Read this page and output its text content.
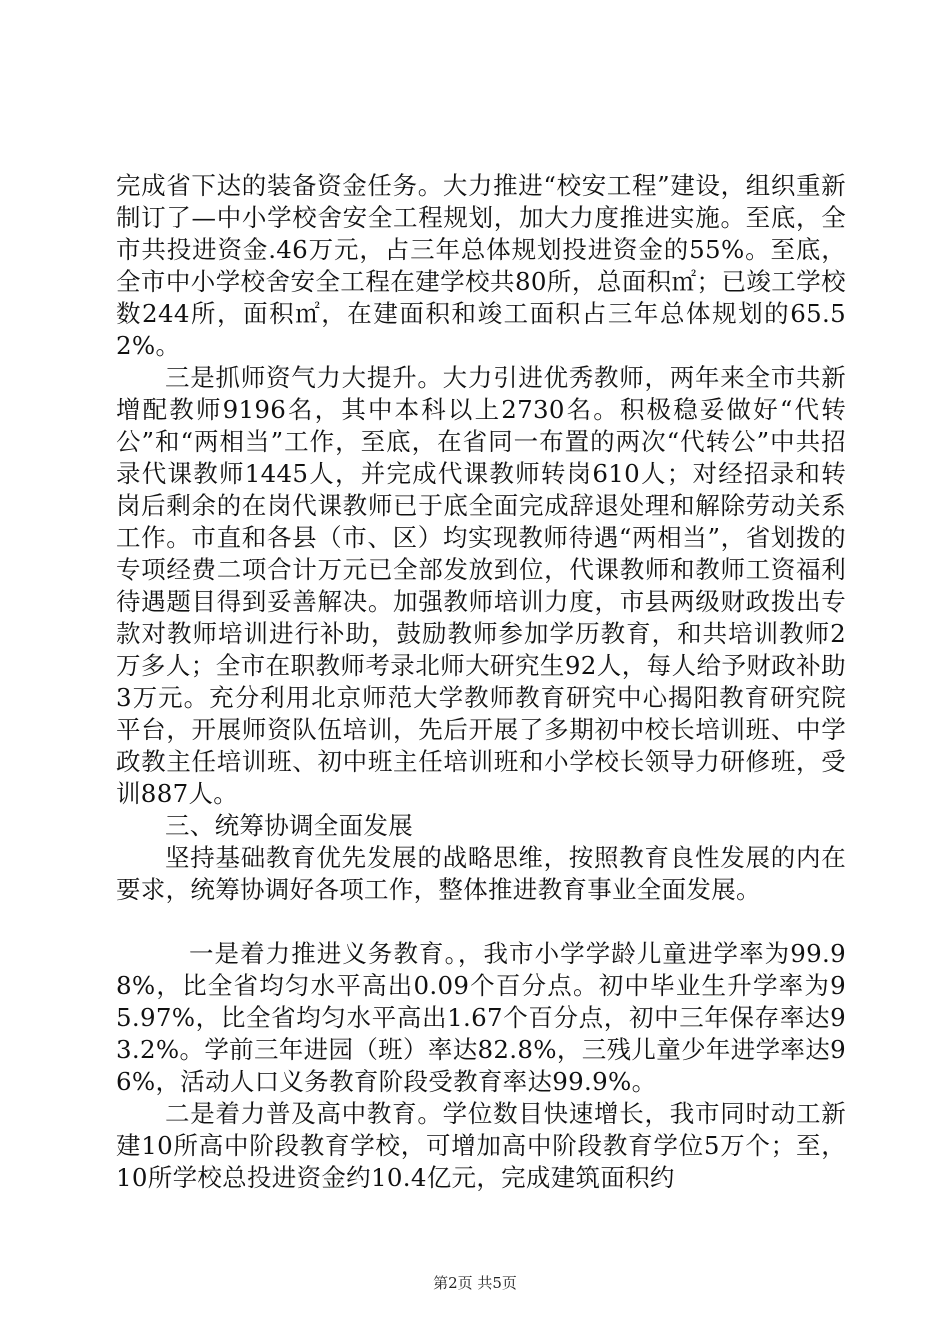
完成省下达的装备资金任务。大力推进“校安工程”建设，组织重新制订了—中小学校舍安全工程规划，加大力度推进实施。至底，全市共投进资金.46万元，占三年总体规划投进资金的55%。至底，全市中小学校舍安全工程在建学校共80所，总面积㎡；已竣工学校数244所，面积㎡，在建面积和竣工面积占三年总体规划的65.52%。

三是抓师资气力大提升。大力引进优秀教师，两年来全市共新增配教师9196名，其中本科以上2730名。积极稳妥做好“代转公”和“两相当”工作，至底，在省同一布置的两次“代转公”中共招录代课教师1445人，并完成代课教师转岗610人；对经招录和转岗后剩余的在岗代课教师已于底全面完成辞退处理和解除劳动关系工作。市直和各县（市、区）均实现教师待遇“两相当”，省划拨的专项经费二项合计万元已全部发放到位，代课教师和教师工资福利待遇题目得到妥善解决。加强教师培训力度，市县两级财政拨出专款对教师培训进行补助，鼓励教师参加学历教育，和共培训教师2万多人；全市在职教师考录北师大研究生92人，每人给予财政补助3万元。充分利用北京师范大学教师教育研究中心揭阳教育研究院平台，开展师资队伍培训，先后开展了多期初中校长培训班、中学政教主任培训班、初中班主任培训班和小学校长领导力研修班，受训887人。

三、统筹协调全面发展

坚持基础教育优先发展的战略思维，按照教育良性发展的内在要求，统筹协调好各项工作，整体推进教育事业全面发展。

一是着力推进义务教育。，我市小学学龄儿童进学率为99.98%，比全省均匀水平高出0.09个百分点。初中毕业生升学率为95.97%，比全省均匀水平高出1.67个百分点，初中三年保存率达93.2%。学前三年进园（班）率达82.8%，三残儿童少年进学率达96%，活动人口义务教育阶段受教育率达99.9%。

二是着力普及高中教育。学位数目快速增长，我市同时动工新建10所高中阶段教育学校，可增加高中阶段教育学位5万个；至，10所学校总投进资金约10.4亿元，完成建筑面积约

第2页 共5页
